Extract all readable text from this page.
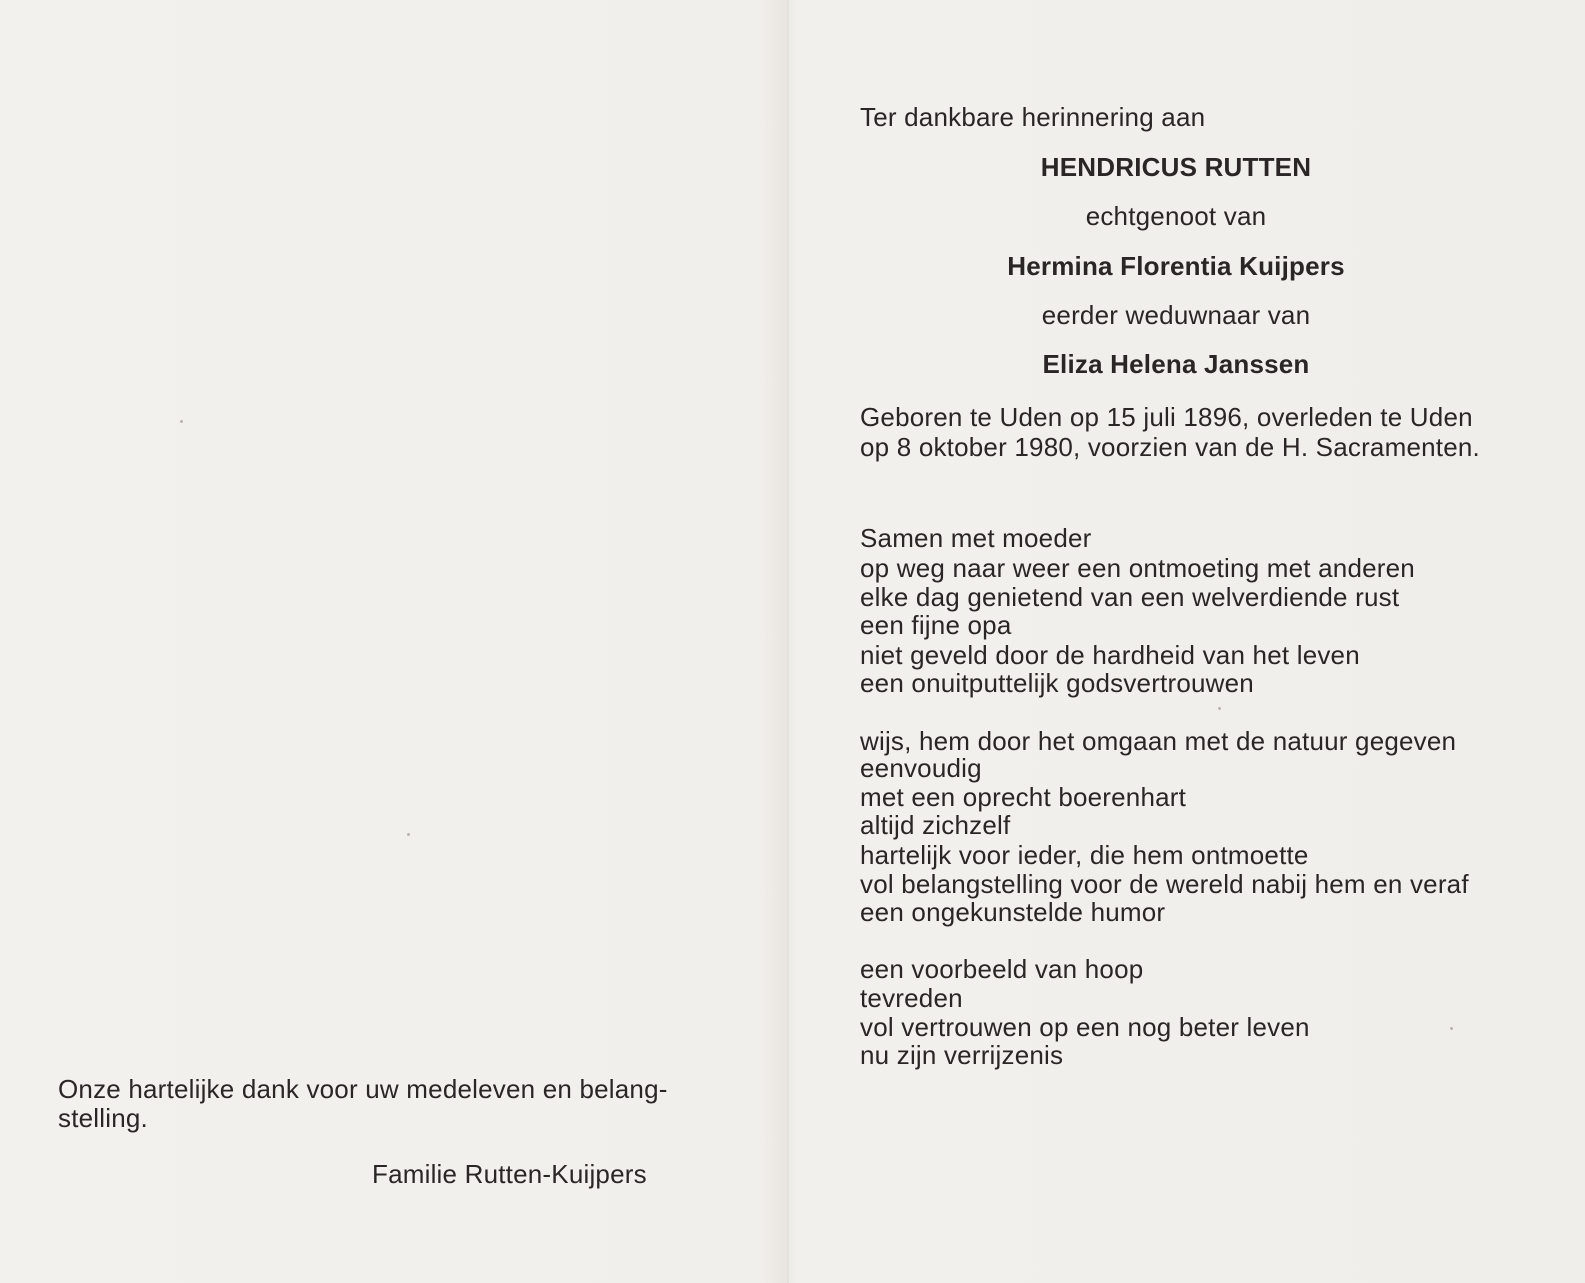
Onze hartelijke dank voor uw medeleven en belang-
stelling.
Familie Rutten-Kuijpers
Ter dankbare herinnering aan
HENDRICUS RUTTEN
echtgenoot van
Hermina Florentia Kuijpers
eerder weduwnaar van
Eliza Helena Janssen
Geboren te Uden op 15 juli 1896, overleden te Uden
op 8 oktober 1980, voorzien van de H. Sacramenten.
Samen met moeder
op weg naar weer een ontmoeting met anderen
elke dag genietend van een welverdiende rust
een fijne opa
niet geveld door de hardheid van het leven
een onuitputtelijk godsvertrouwen
wijs, hem door het omgaan met de natuur gegeven
eenvoudig
met een oprecht boerenhart
altijd zichzelf
hartelijk voor ieder, die hem ontmoette
vol belangstelling voor de wereld nabij hem en veraf
een ongekunstelde humor
een voorbeeld van hoop
tevreden
vol vertrouwen op een nog beter leven
nu zijn verrijzenis
